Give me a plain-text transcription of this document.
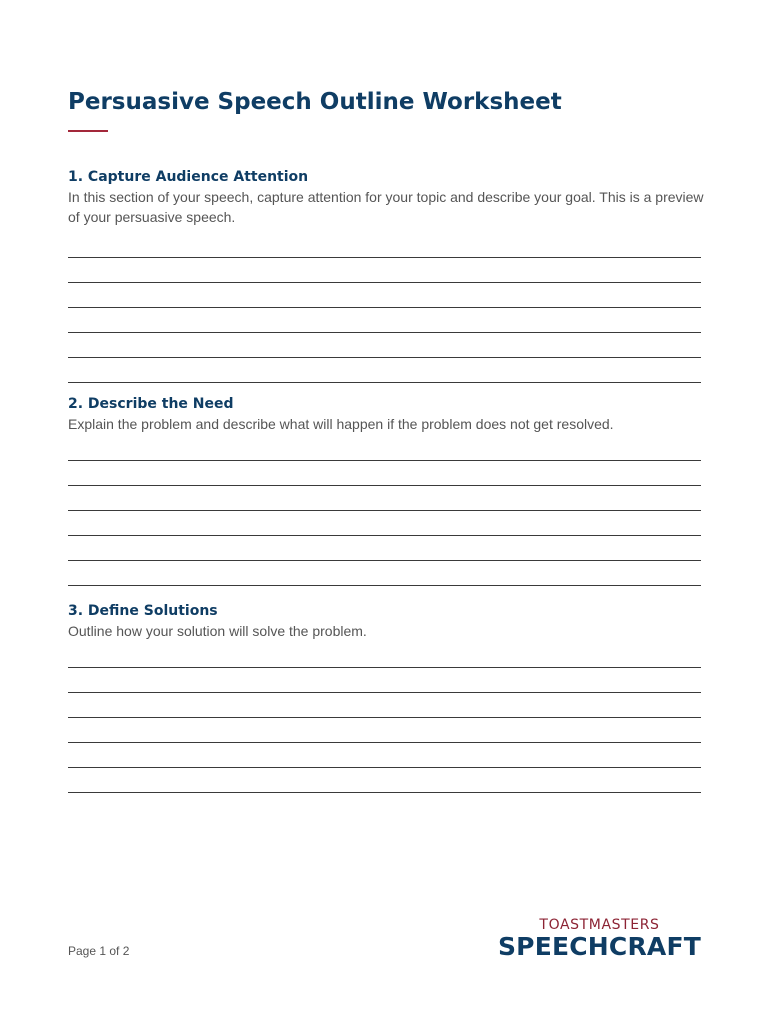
Persuasive Speech Outline Worksheet
1. Capture Audience Attention

In this section of your speech, capture attention for your topic and describe your goal. This is a preview of your persuasive speech.

2. Describe the Need

Explain the problem and describe what will happen if the problem does not get resolved.

3. Define Solutions

Outline how your solution will solve the problem.

Page 1 of 2
TOASTMASTERS
SPEECHCRAFT
